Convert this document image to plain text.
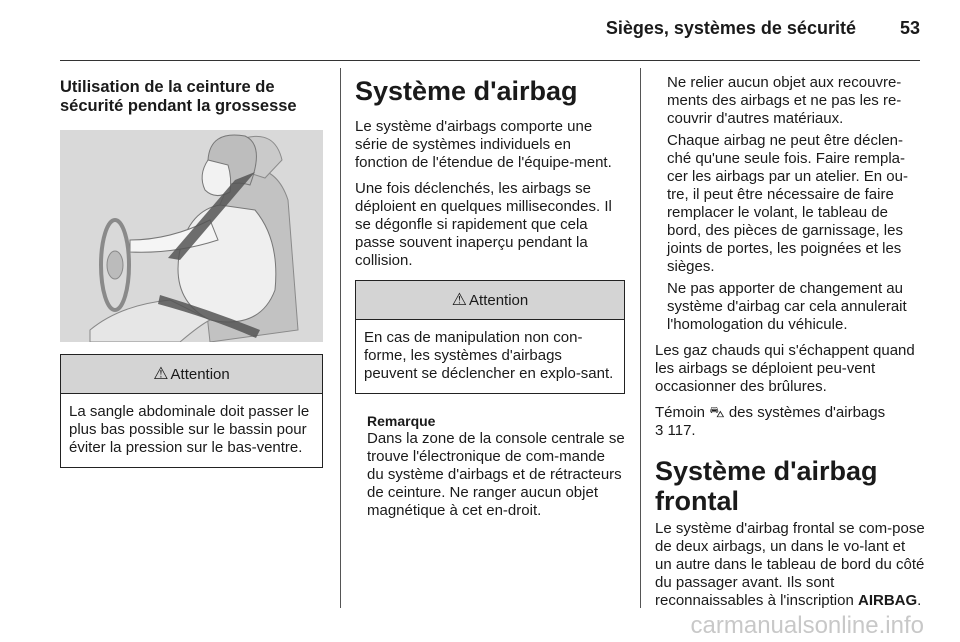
Sièges, systèmes de sécurité 53
Utilisation de la ceinture de
sécurité pendant la grossesse
⚠ Attention
La sangle abdominale doit passer le plus bas possible sur le bassin pour éviter la pression sur le bas-ventre.
Système d'airbag

Le système d'airbags comporte une série de systèmes individuels en fonction de l'étendue de l'équipe-ment.

Une fois déclenchés, les airbags se déploient en quelques millisecondes. Il se dégonfle si rapidement que cela passe souvent inaperçu pendant la collision.

⚠ Attention
En cas de manipulation non con-forme, les systèmes d'airbags peuvent se déclencher en explo-sant.
Remarque
Dans la zone de la console centrale se trouve l'électronique de com-mande du système d'airbags et de rétracteurs de ceinture. Ne ranger aucun objet magnétique à cet en-droit.

Ne relier aucun objet aux recouvre-ments des airbags et ne pas les re-couvrir d'autres matériaux.

Chaque airbag ne peut être déclen-ché qu'une seule fois. Faire rempla-cer les airbags par un atelier. En ou-tre, il peut être nécessaire de faire remplacer le volant, le tableau de bord, des pièces de garnissage, les joints de portes, les poignées et les sièges.

Ne pas apporter de changement au système d'airbag car cela annulerait l'homologation du véhicule.

Les gaz chauds qui s'échappent quand les airbags se déploient peu-vent occasionner des brûlures.

Témoin ⛍ des systèmes d'airbags
3 117.

Système d'airbag frontal

Le système d'airbag frontal se com-pose de deux airbags, un dans le vo-lant et un autre dans le tableau de bord du côté du passager avant. Ils sont reconnaissables à l'inscription AIRBAG.

carmanualsonline.info
